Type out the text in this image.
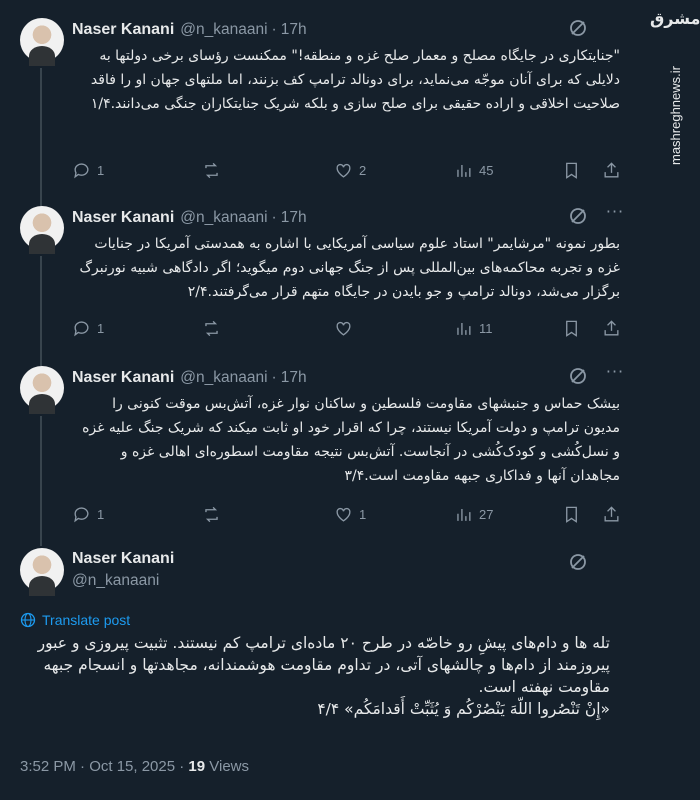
Naser Kanani @n_kanaani · 17h
"جنایتکاری در جایگاه مصلح و معمار صلح غزه و منطقه!" ممکنست رؤسای برخی دولتها به دلایلی که برای آنان موجّه می‌نماید، برای دونالد ترامپ کف بزنند، اما ملتهای جهان او را فاقد صلاحیت اخلاقی و اراده حقیقی برای صلح سازی و بلکه شریک جنایتکاران جنگی می‌دانند.۱/۴
1	2	45
Naser Kanani @n_kanaani · 17h	···
بطور نمونه "مرشایمر" استاد علوم سیاسی آمریکایی با اشاره به همدستی آمریکا در جنایات غزه و تجربه محاکمه‌های بین‌المللی پس از جنگ جهانی دوم میگوید؛ اگر دادگاهی شبیه نورنبرگ برگزار می‌شد، دونالد ترامپ و جو بایدن در جایگاه متهم قرار می‌گرفتند.۲/۴
1	11
Naser Kanani @n_kanaani · 17h	···
بیشک حماس و جنبشهای مقاومت فلسطین و ساکنان نوار غزه، آتش‌بس موقت کنونی را مدیون ترامپ و دولت آمریکا نیستند، چرا که اقرار خود او ثابت میکند که شریک جنگ علیه غزه و نسل‌کُشی و کودک‌کُشی در آنجاست. آتش‌بس نتیجه مقاومت اسطوره‌ای اهالی غزه و مجاهدان آنها و فداکاری جبهه مقاومت است.۳/۴
1	1	27
Naser Kanani
@n_kanaani
Translate post
تله ها و دام‌های پیشِ رو خاصّه در طرح ۲۰ ماده‌ای ترامپ کم نیستند. تثبیت پیروزی و عبور پیروزمند از دام‌ها و چالشهای آتی، در تداوم مقاومت هوشمندانه، مجاهدتها و انسجام جبهه مقاومت نهفته است.
«إِنْ تَنْصُروا اللّهَ یَنْصُرْکُم وَ یُثَبِّتْ أَقدامَکُم» ۴/۴
3:52 PM · Oct 15, 2025 · 19 Views
مشرق
mashreghnews.ir
